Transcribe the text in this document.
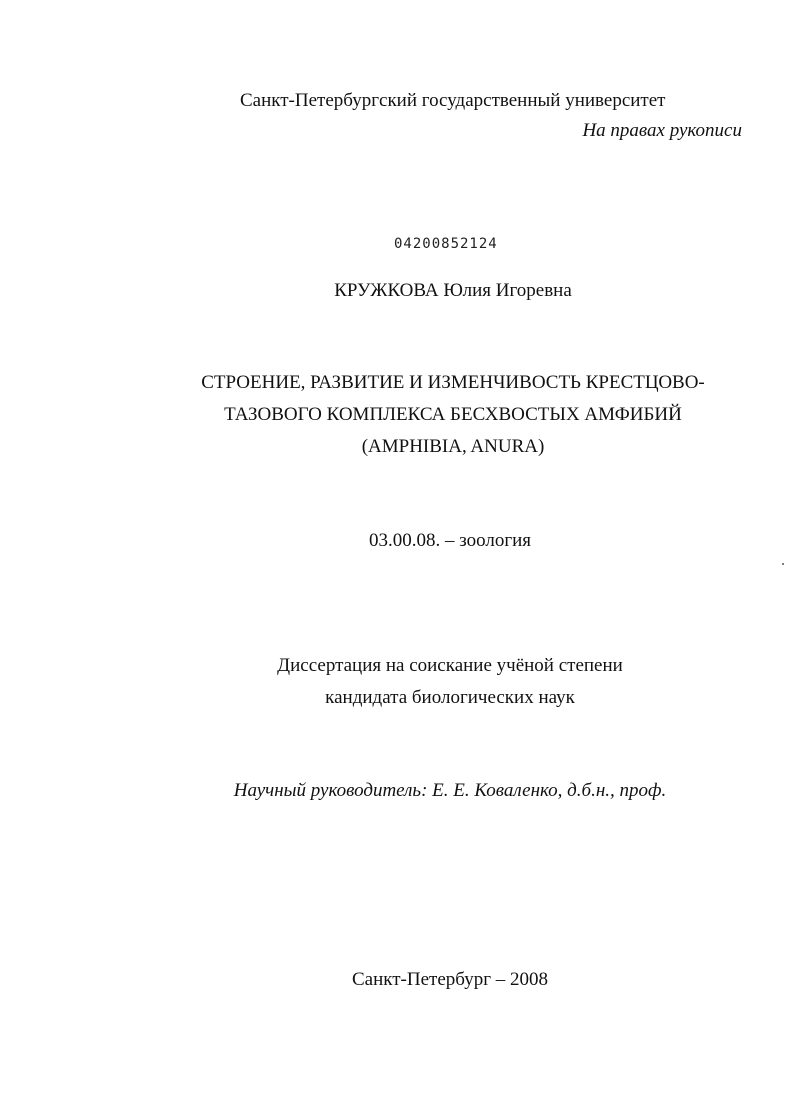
Санкт-Петербургский государственный университет
На правах рукописи
04200852124
КРУЖКОВА Юлия Игоревна
СТРОЕНИЕ, РАЗВИТИЕ И ИЗМЕНЧИВОСТЬ КРЕСТЦОВО-
ТАЗОВОГО КОМПЛЕКСА БЕСХВОСТЫХ АМФИБИЙ
(AMPHIBIA, ANURA)
03.00.08. – зоология
Диссертация на соискание учёной степени
кандидата биологических наук
Научный руководитель: Е. Е. Коваленко, д.б.н., проф.
Санкт-Петербург – 2008
